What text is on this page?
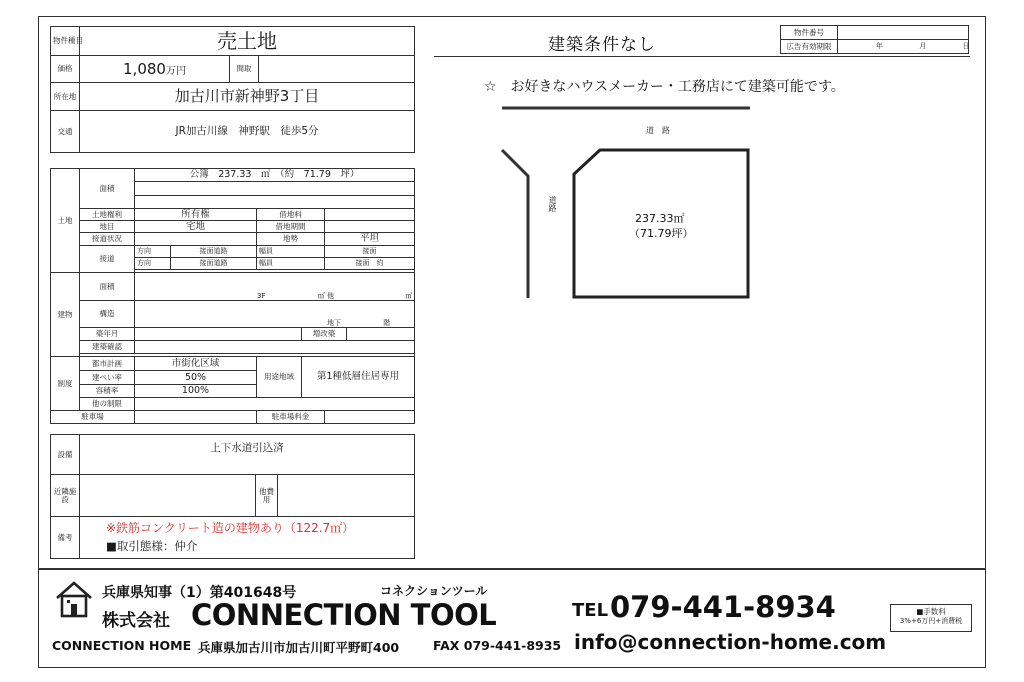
物件種目	売土地		
価格	1,080万円	間取	
所在地	加古川市新神野3丁目		
交通	JR加古川線　神野駅　徒歩5分		
土地	面積	公簿　237.33　㎡　（約　71.79　坪）					

	土地権利	所有権		借地料			
	地目	宅地		借地期間			
	接道状況			地勢		平坦	
	接道	方向	接面道路	幅員		接面	
		方向	接面道路	幅員		接面　約	

建物	面積	3F ㎡ 他 ㎡					

	構造	地下 階					
	築年月				増改築		
	建築確認						

制度	都市計画	市街化区域		用途地域	第1種低層住居専用		
	建ぺい率	50%					
	容積率	100%					
	他の制限						
駐車場				駐車場料金			
設備	上下水道引込済		
近隣施設		他費用	
備考	※鉄筋コンクリート造の建物あり（122.7㎡）
■取引態様：仲介		
建築条件なし
物件番号	
広告有効期限	年 月 日
☆　お好きなハウスメーカー・工務店にて建築可能です。
道　路
道路
237.33㎡
（71.79坪）
兵庫県知事（1）第401648号	コネクションツール
株式会社 CONNECTION TOOL
CONNECTION HOME 兵庫県加古川市加古川町平野町400	FAX 079-441-8935
TEL 079-441-8934
info@connection-home.com
■手数料
3%+6万円+消費税
